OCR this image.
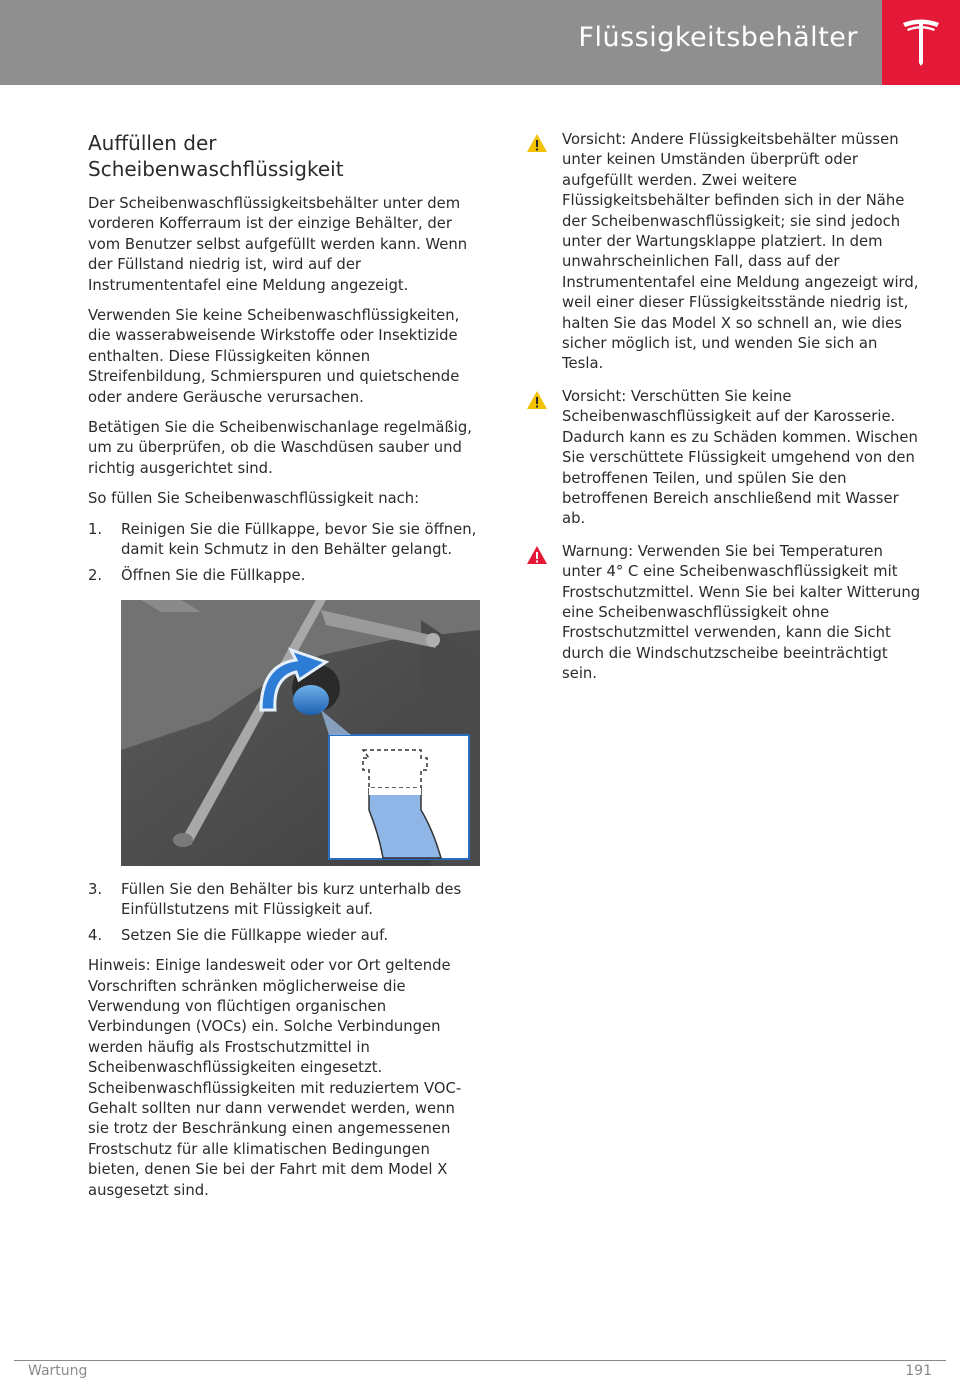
Flüssigkeitsbehälter
Auffüllen der
Scheibenwaschflüssigkeit

Der Scheibenwaschflüssigkeitsbehälter unter dem vorderen Kofferraum ist der einzige Behälter, der vom Benutzer selbst aufgefüllt werden kann. Wenn der Füllstand niedrig ist, wird auf der Instrumententafel eine Meldung angezeigt.

Verwenden Sie keine Scheibenwaschflüssigkeiten, die wasserabweisende Wirkstoffe oder Insektizide enthalten. Diese Flüssigkeiten können Streifenbildung, Schmierspuren und quietschende oder andere Geräusche verursachen.

Betätigen Sie die Scheibenwischanlage regelmäßig, um zu überprüfen, ob die Waschdüsen sauber und richtig ausgerichtet sind.

So füllen Sie Scheibenwaschflüssigkeit nach:

1. Reinigen Sie die Füllkappe, bevor Sie sie öffnen, damit kein Schmutz in den Behälter gelangt.
2. Öffnen Sie die Füllkappe.
3. Füllen Sie den Behälter bis kurz unterhalb des Einfüllstutzens mit Flüssigkeit auf.
4. Setzen Sie die Füllkappe wieder auf.

Hinweis: Einige landesweit oder vor Ort geltende Vorschriften schränken möglicherweise die Verwendung von flüchtigen organischen Verbindungen (VOCs) ein. Solche Verbindungen werden häufig als Frostschutzmittel in Scheibenwaschflüssigkeiten eingesetzt. Scheibenwaschflüssigkeiten mit reduziertem VOC-Gehalt sollten nur dann verwendet werden, wenn sie trotz der Beschränkung einen angemessenen Frostschutz für alle klimatischen Bedingungen bieten, denen Sie bei der Fahrt mit dem Model X ausgesetzt sind.

Vorsicht: Andere Flüssigkeitsbehälter müssen unter keinen Umständen überprüft oder aufgefüllt werden. Zwei weitere Flüssigkeitsbehälter befinden sich in der Nähe der Scheibenwaschflüssigkeit; sie sind jedoch unter der Wartungsklappe platziert. In dem unwahrscheinlichen Fall, dass auf der Instrumententafel eine Meldung angezeigt wird, weil einer dieser Flüssigkeitsstände niedrig ist, halten Sie das Model X so schnell an, wie dies sicher möglich ist, und wenden Sie sich an Tesla.

Vorsicht: Verschütten Sie keine Scheibenwaschflüssigkeit auf der Karosserie. Dadurch kann es zu Schäden kommen. Wischen Sie verschüttete Flüssigkeit umgehend von den betroffenen Teilen, und spülen Sie den betroffenen Bereich anschließend mit Wasser ab.

Warnung: Verwenden Sie bei Temperaturen unter 4° C eine Scheibenwaschflüssigkeit mit Frostschutzmittel. Wenn Sie bei kalter Witterung eine Scheibenwaschflüssigkeit ohne Frostschutzmittel verwenden, kann die Sicht durch die Windschutzscheibe beeinträchtigt sein.

Wartung	191
